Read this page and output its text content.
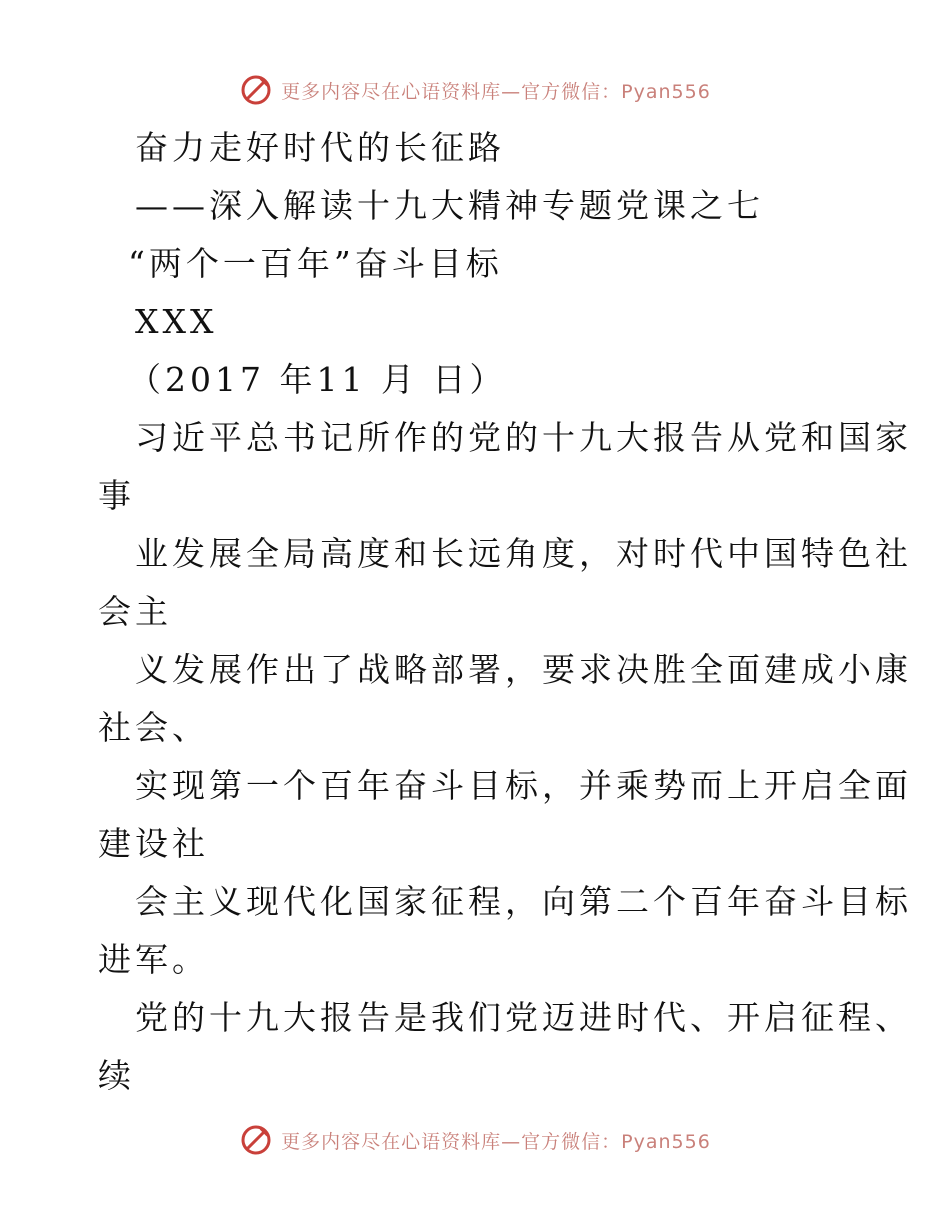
更多内容尽在心语资料库—官方微信：Pyan556
奋力走好时代的长征路
——深入解读十九大精神专题党课之七
“两个一百年”奋斗目标
XXX
（2017 年11 月 日）
习近平总书记所作的党的十九大报告从党和国家
事
业发展全局高度和长远角度，对时代中国特色社
会主
义发展作出了战略部署，要求决胜全面建成小康
社会、
实现第一个百年奋斗目标，并乘势而上开启全面
建设社
会主义现代化国家征程，向第二个百年奋斗目标
进军。
党的十九大报告是我们党迈进时代、开启征程、
续
更多内容尽在心语资料库—官方微信：Pyan556
